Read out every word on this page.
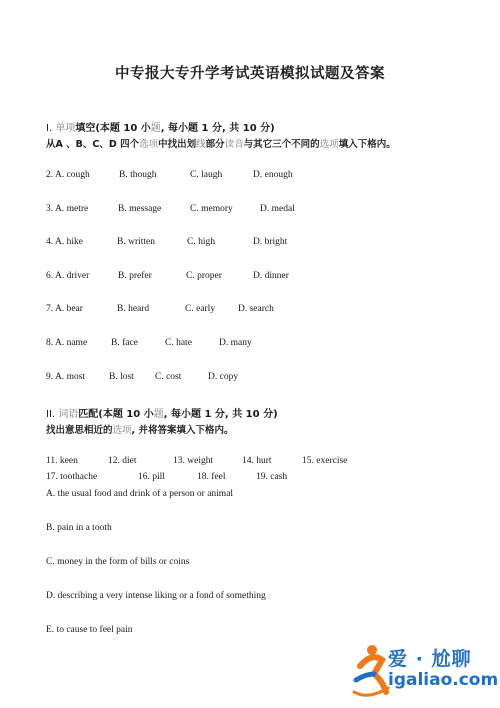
中专报大专升学考试英语模拟试题及答案
I. 单项填空(本题 10 小题, 每小题 1 分, 共 10 分)
从A 、B、C、D 四个选项中找出划线部分读音与其它三个不同的选项填入下格内。
2. A. cough	B. though	C. laugh	D. enough
3. A. metre	B. message	C. memory	D. medal
4. A. hike	B. written	C. high	D. bright
6. A. driver	B. prefer	C. proper	D. dinner
7. A. bear	B. heard	C. early D. search
8. A. name	B. face	C. hate	D. many
9. A. most	B. lost C. cost	D. copy
II. 词语匹配(本题 10 小题, 每小题 1 分, 共 10 分)
找出意思相近的选项, 并将答案填入下格内。
11. keen	12. diet	13. weight	14. hurt	15. exercise
17. toothache	16. pill	18. feel	19. cash
A. the usual food and drink of a person or animal
B. pain in a tooth
C. money in the form of bills or coins
D. describing a very intense liking or a fond of something
E. to cause to feel pain
爱 · 尬聊
igaliao.com
